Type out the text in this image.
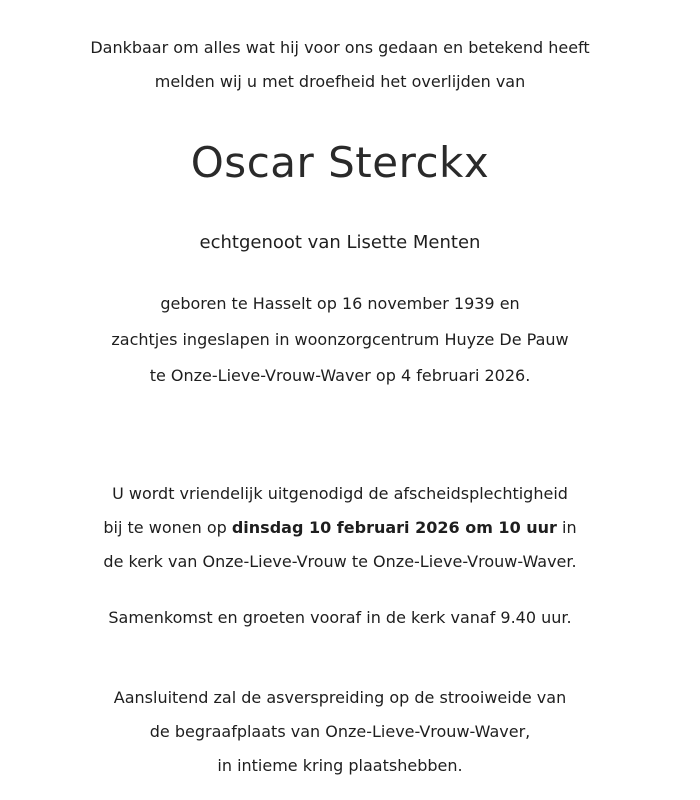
Dankbaar om alles wat hij voor ons gedaan en betekend heeft
melden wij u met droefheid het overlijden van
Oscar Sterckx
echtgenoot van Lisette Menten
geboren te Hasselt op 16 november 1939 en
zachtjes ingeslapen in woonzorgcentrum Huyze De Pauw
te Onze-Lieve-Vrouw-Waver op 4 februari 2026.
U wordt vriendelijk uitgenodigd de afscheidsplechtigheid
bij te wonen op dinsdag 10 februari 2026 om 10 uur in
de kerk van Onze-Lieve-Vrouw te Onze-Lieve-Vrouw-Waver.
Samenkomst en groeten vooraf in de kerk vanaf 9.40 uur.
Aansluitend zal de asverspreiding op de strooiweide van
de begraafplaats van Onze-Lieve-Vrouw-Waver,
in intieme kring plaatshebben.
